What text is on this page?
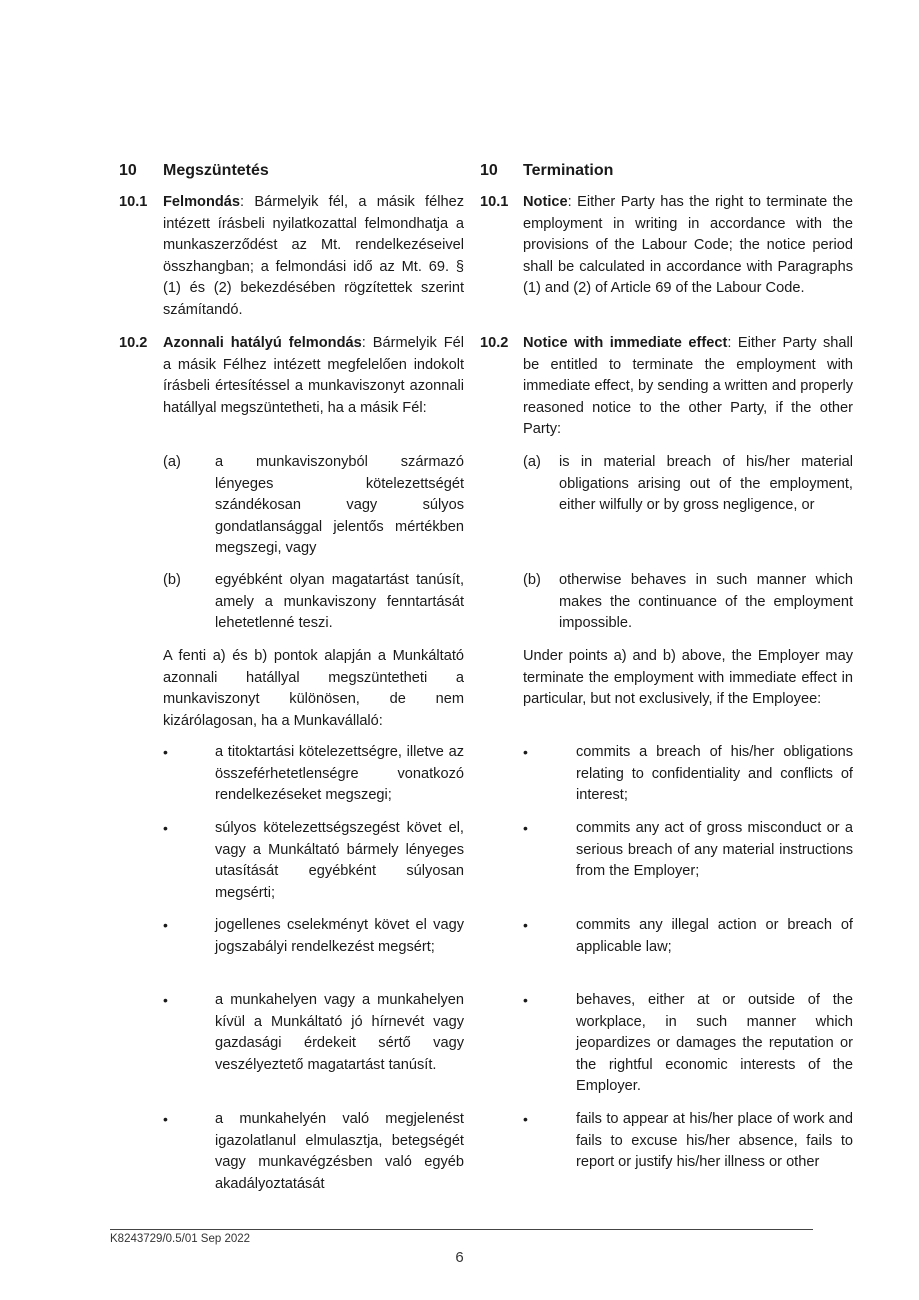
10 Megszüntetés
10.1 Felmondás: Bármelyik fél, a másik félhez intézett írásbeli nyilatkozattal felmondhatja a munkaszerződést az Mt. rendelkezéseivel összhangban; a felmondási idő az Mt. 69. § (1) és (2) bekezdésében rögzítettek szerint számítandó.
10.2 Azonnali hatályú felmondás: Bármelyik Fél a másik Félhez intézett megfelelően indokolt írásbeli értesítéssel a munkaviszonyt azonnali hatállyal megszüntetheti, ha a másik Fél:
(a) a munkaviszonyból származó lényeges kötelezettségét szándékosan vagy súlyos gondatlansággal jelentős mértékben megszegi, vagy
(b) egyébként olyan magatartást tanúsít, amely a munkaviszony fenntartását lehetetlenné teszi.
A fenti a) és b) pontok alapján a Munkáltató azonnali hatállyal megszüntetheti a munkaviszonyt különösen, de nem kizárólagosan, ha a Munkavállaló:
•	a titoktartási kötelezettségre, illetve az összeférhetetlenségre vonatkozó rendelkezéseket megszegi;
•	súlyos kötelezettségszegést követ el, vagy a Munkáltató bármely lényeges utasítását egyébként súlyosan megsérti;
•	jogellenes cselekményt követ el vagy jogszabályi rendelkezést megsért;
•	a munkahelyen vagy a munkahelyen kívül a Munkáltató jó hírnevét vagy gazdasági érdekeit sértő vagy veszélyeztető magatartást tanúsít.
•	a munkahelyén való megjelenést igazolatlanul elmulasztja, betegségét vagy munkavégzésben való egyéb akadályoztatását
10 Termination
10.1 Notice: Either Party has the right to terminate the employment in writing in accordance with the provisions of the Labour Code; the notice period shall be calculated in accordance with Paragraphs (1) and (2) of Article 69 of the Labour Code.
10.2 Notice with immediate effect: Either Party shall be entitled to terminate the employment with immediate effect, by sending a written and properly reasoned notice to the other Party, if the other Party:
(a) is in material breach of his/her material obligations arising out of the employment, either wilfully or by gross negligence, or
(b) otherwise behaves in such manner which makes the continuance of the employment impossible.
Under points a) and b) above, the Employer may terminate the employment with immediate effect in particular, but not exclusively, if the Employee:
•	commits a breach of his/her obligations relating to confidentiality and conflicts of interest;
•	commits any act of gross misconduct or a serious breach of any material instructions from the Employer;
•	commits any illegal action or breach of applicable law;
•	behaves, either at or outside of the workplace, in such manner which jeopardizes or damages the reputation or the rightful economic interests of the Employer.
•	fails to appear at his/her place of work and fails to excuse his/her absence, fails to report or justify his/her illness or other
K8243729/0.5/01 Sep 2022
6
